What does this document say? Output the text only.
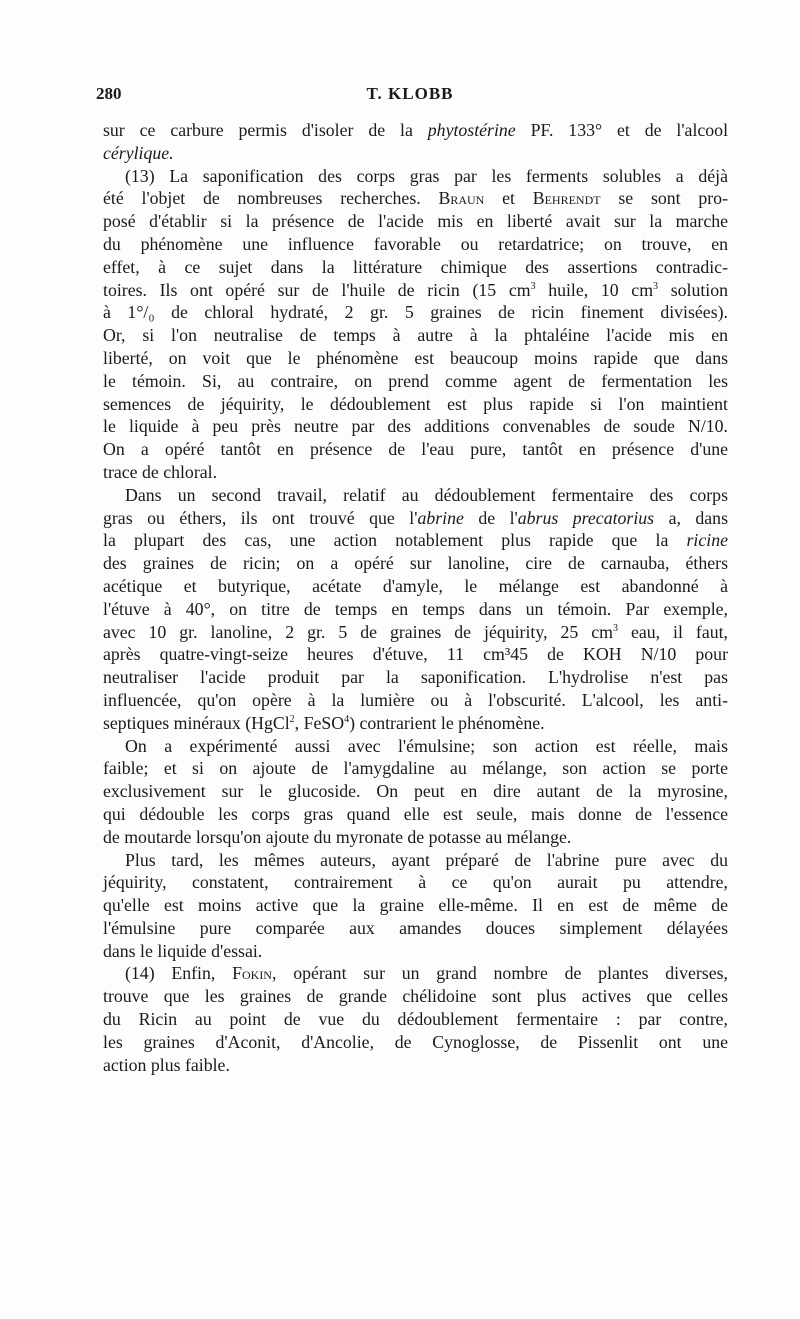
280	T. KLOBB
sur ce carbure permis d'isoler de la phytostérine PF. 133° et de l'alcool
cérylique.
(13) La saponification des corps gras par les ferments solubles a déjà
été l'objet de nombreuses recherches. Braun et Behrendt se sont pro-
posé d'établir si la présence de l'acide mis en liberté avait sur la marche
du phénomène une influence favorable ou retardatrice; on trouve, en
effet, à ce sujet dans la littérature chimique des assertions contradic-
toires. Ils ont opéré sur de l'huile de ricin (15 $cm^3$ huile, 10 $cm^3$ solution
à 1°/₀ de chloral hydraté, 2 gr. 5 graines de ricin finement divisées).
Or, si l'on neutralise de temps à autre à la phtaléine l'acide mis en
liberté, on voit que le phénomène est beaucoup moins rapide que dans
le témoin. Si, au contraire, on prend comme agent de fermentation les
semences de jéquirity, le dédoublement est plus rapide si l'on maintient
le liquide à peu près neutre par des additions convenables de soude N/10.
On a opéré tantôt en présence de l'eau pure, tantôt en présence d'une
trace de chloral.
Dans un second travail, relatif au dédoublement fermentaire des corps
gras ou éthers, ils ont trouvé que l'abrine de l'abrus precatorius a, dans
la plupart des cas, une action notablement plus rapide que la ricine
des graines de ricin; on a opéré sur lanoline, cire de carnauba, éthers
acétique et butyrique, acétate d'amyle, le mélange est abandonné à
l'étuve à 40°, on titre de temps en temps dans un témoin. Par exemple,
avec 10 gr. lanoline, 2 gr. 5 de graines de jéquirity, 25 $cm^3$ eau, il faut,
après quatre-vingt-seize heures d'étuve, 11 cm³45 de KOH N/10 pour
neutraliser l'acide produit par la saponification. L'hydrolise n'est pas
influencée, qu'on opère à la lumière ou à l'obscurité. L'alcool, les anti-
septiques minéraux (HgCl$^2$, FeSO$^4$) contrarient le phénomène.
On a expérimenté aussi avec l'émulsine; son action est réelle, mais
faible; et si on ajoute de l'amygdaline au mélange, son action se porte
exclusivement sur le glucoside. On peut en dire autant de la myrosine,
qui dédouble les corps gras quand elle est seule, mais donne de l'essence
de moutarde lorsqu'on ajoute du myronate de potasse au mélange.
Plus tard, les mêmes auteurs, ayant préparé de l'abrine pure avec du
jéquirity, constatent, contrairement à ce qu'on aurait pu attendre,
qu'elle est moins active que la graine elle-même. Il en est de même de
l'émulsine pure comparée aux amandes douces simplement délayées
dans le liquide d'essai.
(14) Enfin, Fokin, opérant sur un grand nombre de plantes diverses,
trouve que les graines de grande chélidoine sont plus actives que celles
du Ricin au point de vue du dédoublement fermentaire : par contre,
les graines d'Aconit, d'Ancolie, de Cynoglosse, de Pissenlit ont une
action plus faible.
